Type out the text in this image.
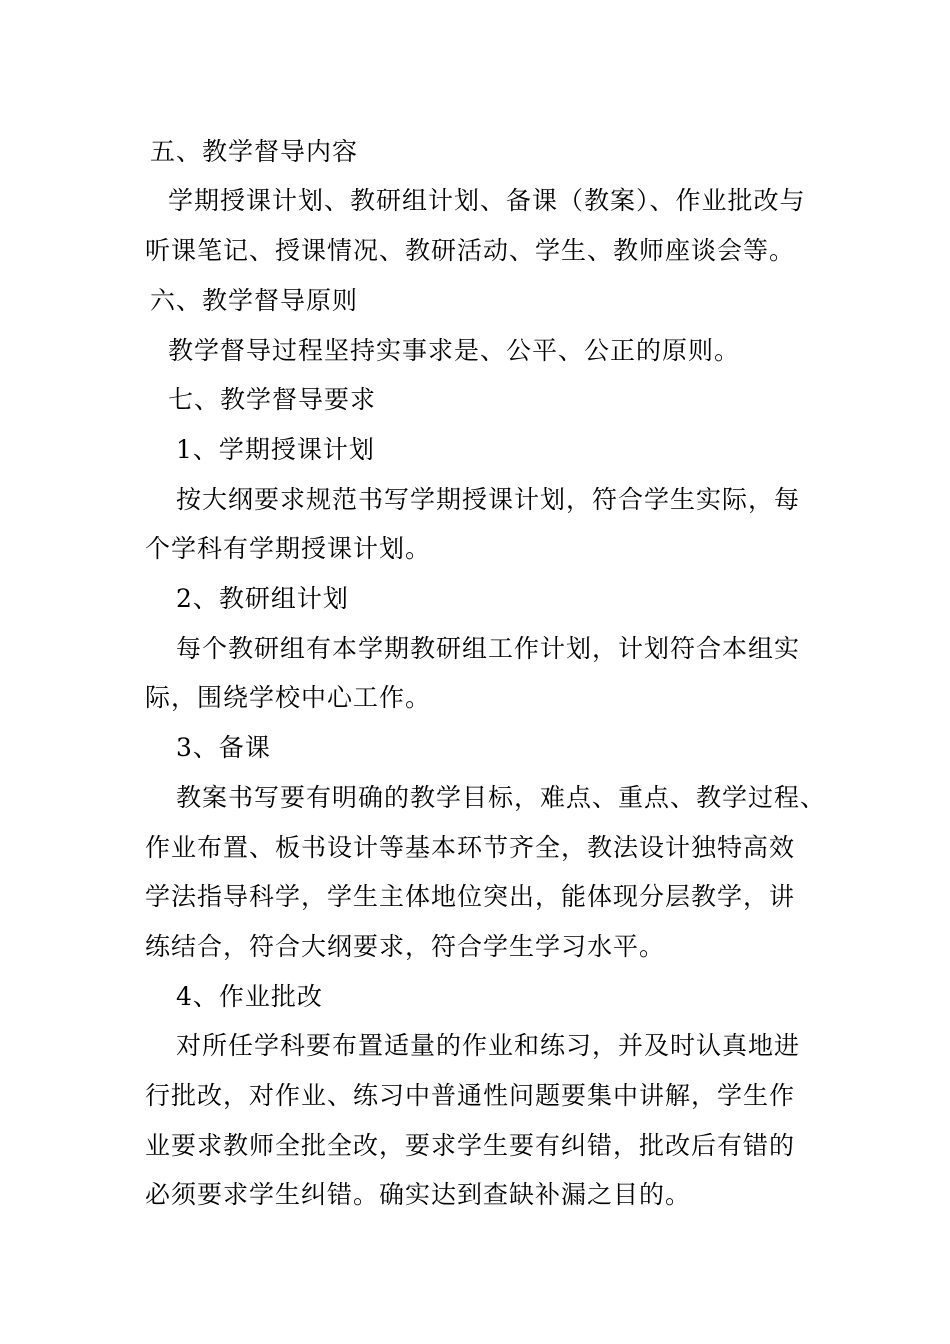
五、教学督导内容
学期授课计划、教研组计划、备课（教案）、作业批改与
听课笔记、授课情况、教研活动、学生、教师座谈会等。
六、教学督导原则
教学督导过程坚持实事求是、公平、公正的原则。
七、教学督导要求
1、学期授课计划
按大纲要求规范书写学期授课计划，符合学生实际，每
个学科有学期授课计划。
2、教研组计划
每个教研组有本学期教研组工作计划，计划符合本组实
际，围绕学校中心工作。
3、备课
教案书写要有明确的教学目标，难点、重点、教学过程、
作业布置、板书设计等基本环节齐全，教法设计独特高效
学法指导科学，学生主体地位突出，能体现分层教学，讲
练结合，符合大纲要求，符合学生学习水平。
4、作业批改
对所任学科要布置适量的作业和练习，并及时认真地进
行批改，对作业、练习中普通性问题要集中讲解，学生作
业要求教师全批全改，要求学生要有纠错，批改后有错的
必须要求学生纠错。确实达到查缺补漏之目的。
